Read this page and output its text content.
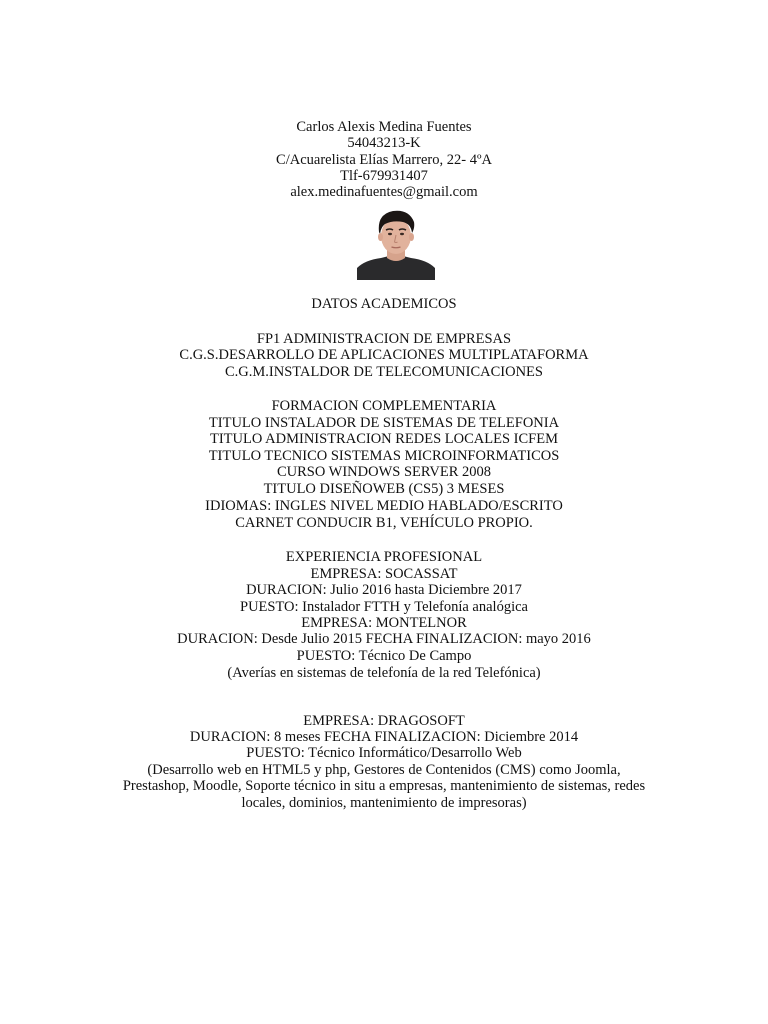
Carlos Alexis Medina Fuentes
54043213-K
C/Acuarelista Elías Marrero, 22- 4ºA
Tlf-679931407
alex.medinafuentes@gmail.com
DATOS ACADEMICOS
FP1 ADMINISTRACION DE EMPRESAS
C.G.S.DESARROLLO DE APLICACIONES MULTIPLATAFORMA
C.G.M.INSTALDOR DE TELECOMUNICACIONES
FORMACION COMPLEMENTARIA
TITULO INSTALADOR DE SISTEMAS DE TELEFONIA
TITULO ADMINISTRACION REDES LOCALES ICFEM
TITULO TECNICO SISTEMAS MICROINFORMATICOS
CURSO WINDOWS SERVER 2008
TITULO DISEÑOWEB (CS5) 3 MESES
IDIOMAS: INGLES NIVEL MEDIO HABLADO/ESCRITO
CARNET CONDUCIR B1, VEHÍCULO PROPIO.
EXPERIENCIA PROFESIONAL
EMPRESA: SOCASSAT
DURACION: Julio 2016 hasta Diciembre 2017
PUESTO: Instalador FTTH y Telefonía analógica
EMPRESA: MONTELNOR
DURACION: Desde Julio 2015 FECHA FINALIZACION: mayo 2016
PUESTO: Técnico De Campo
(Averías en sistemas de telefonía de la red Telefónica)
EMPRESA: DRAGOSOFT
DURACION: 8 meses FECHA FINALIZACION: Diciembre 2014
PUESTO: Técnico Informático/Desarrollo Web
(Desarrollo web en HTML5 y php, Gestores de Contenidos (CMS) como Joomla,
Prestashop, Moodle, Soporte técnico in situ a empresas, mantenimiento de sistemas, redes
locales, dominios, mantenimiento de impresoras)
